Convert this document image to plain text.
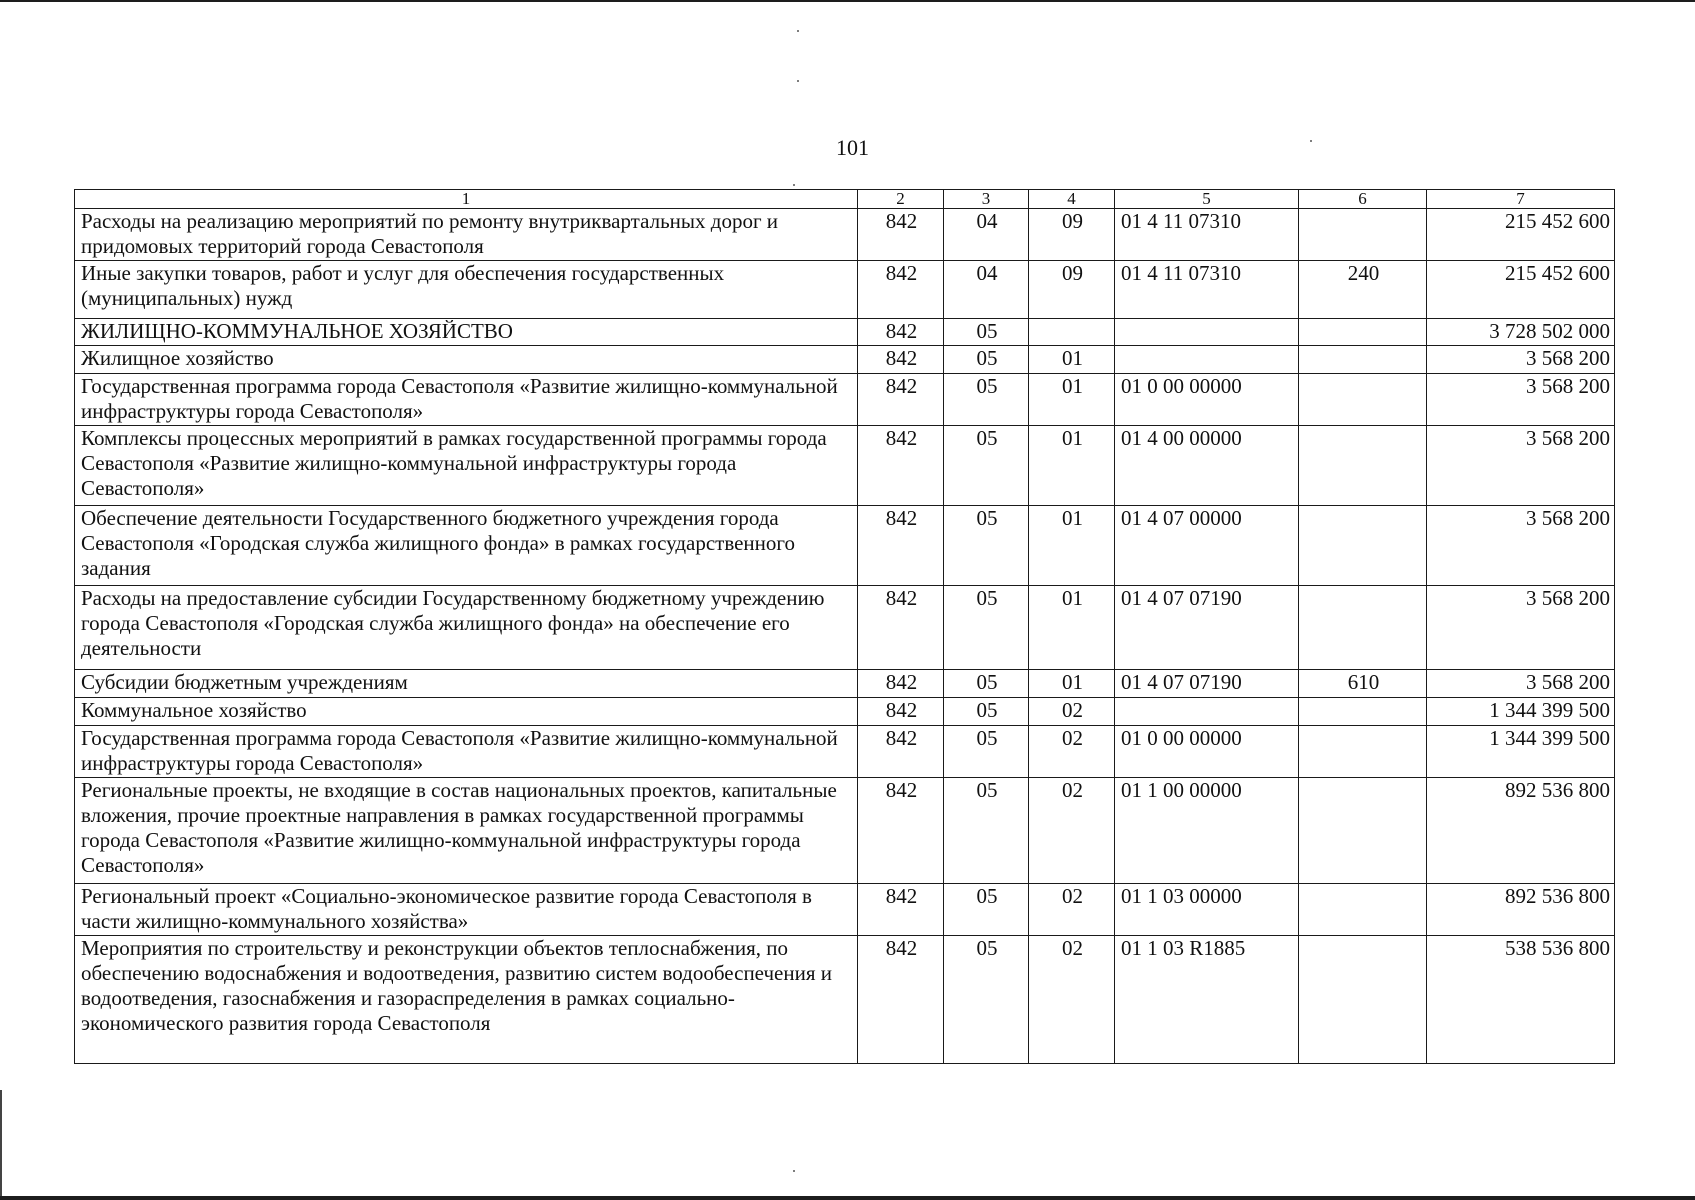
101
1	2	3	4	5	6	7
Расходы на реализацию мероприятий по ремонту внутриквартальных дорог и придомовых территорий города Севастополя	842	04	09	01 4 11 07310		215 452 600
Иные закупки товаров, работ и услуг для обеспечения государственных (муниципальных) нужд	842	04	09	01 4 11 07310	240	215 452 600
ЖИЛИЩНО-КОММУНАЛЬНОЕ ХОЗЯЙСТВО	842	05				3 728 502 000
Жилищное хозяйство	842	05	01			3 568 200
Государственная программа города Севастополя «Развитие жилищно-коммунальной инфраструктуры города Севастополя»	842	05	01	01 0 00 00000		3 568 200
Комплексы процессных мероприятий в рамках государственной программы города Севастополя «Развитие жилищно-коммунальной инфраструктуры города Севастополя»	842	05	01	01 4 00 00000		3 568 200
Обеспечение деятельности Государственного бюджетного учреждения города Севастополя «Городская служба жилищного фонда» в рамках государственного задания	842	05	01	01 4 07 00000		3 568 200
Расходы на предоставление субсидии Государственному бюджетному учреждению города Севастополя «Городская служба жилищного фонда» на обеспечение его деятельности	842	05	01	01 4 07 07190		3 568 200
Субсидии бюджетным учреждениям	842	05	01	01 4 07 07190	610	3 568 200
Коммунальное хозяйство	842	05	02			1 344 399 500
Государственная программа города Севастополя «Развитие жилищно-коммунальной инфраструктуры города Севастополя»	842	05	02	01 0 00 00000		1 344 399 500
Региональные проекты, не входящие в состав национальных проектов, капитальные вложения, прочие проектные направления в рамках государственной программы города Севастополя «Развитие жилищно-коммунальной инфраструктуры города Севастополя»	842	05	02	01 1 00 00000		892 536 800
Региональный проект «Социально-экономическое развитие города Севастополя в части жилищно-коммунального хозяйства»	842	05	02	01 1 03 00000		892 536 800
Мероприятия по строительству и реконструкции объектов теплоснабжения, по обеспечению водоснабжения и водоотведения, развитию систем водообеспечения и водоотведения, газоснабжения и газораспределения в рамках социально-экономического развития города Севастополя	842	05	02	01 1 03 R1885		538 536 800
